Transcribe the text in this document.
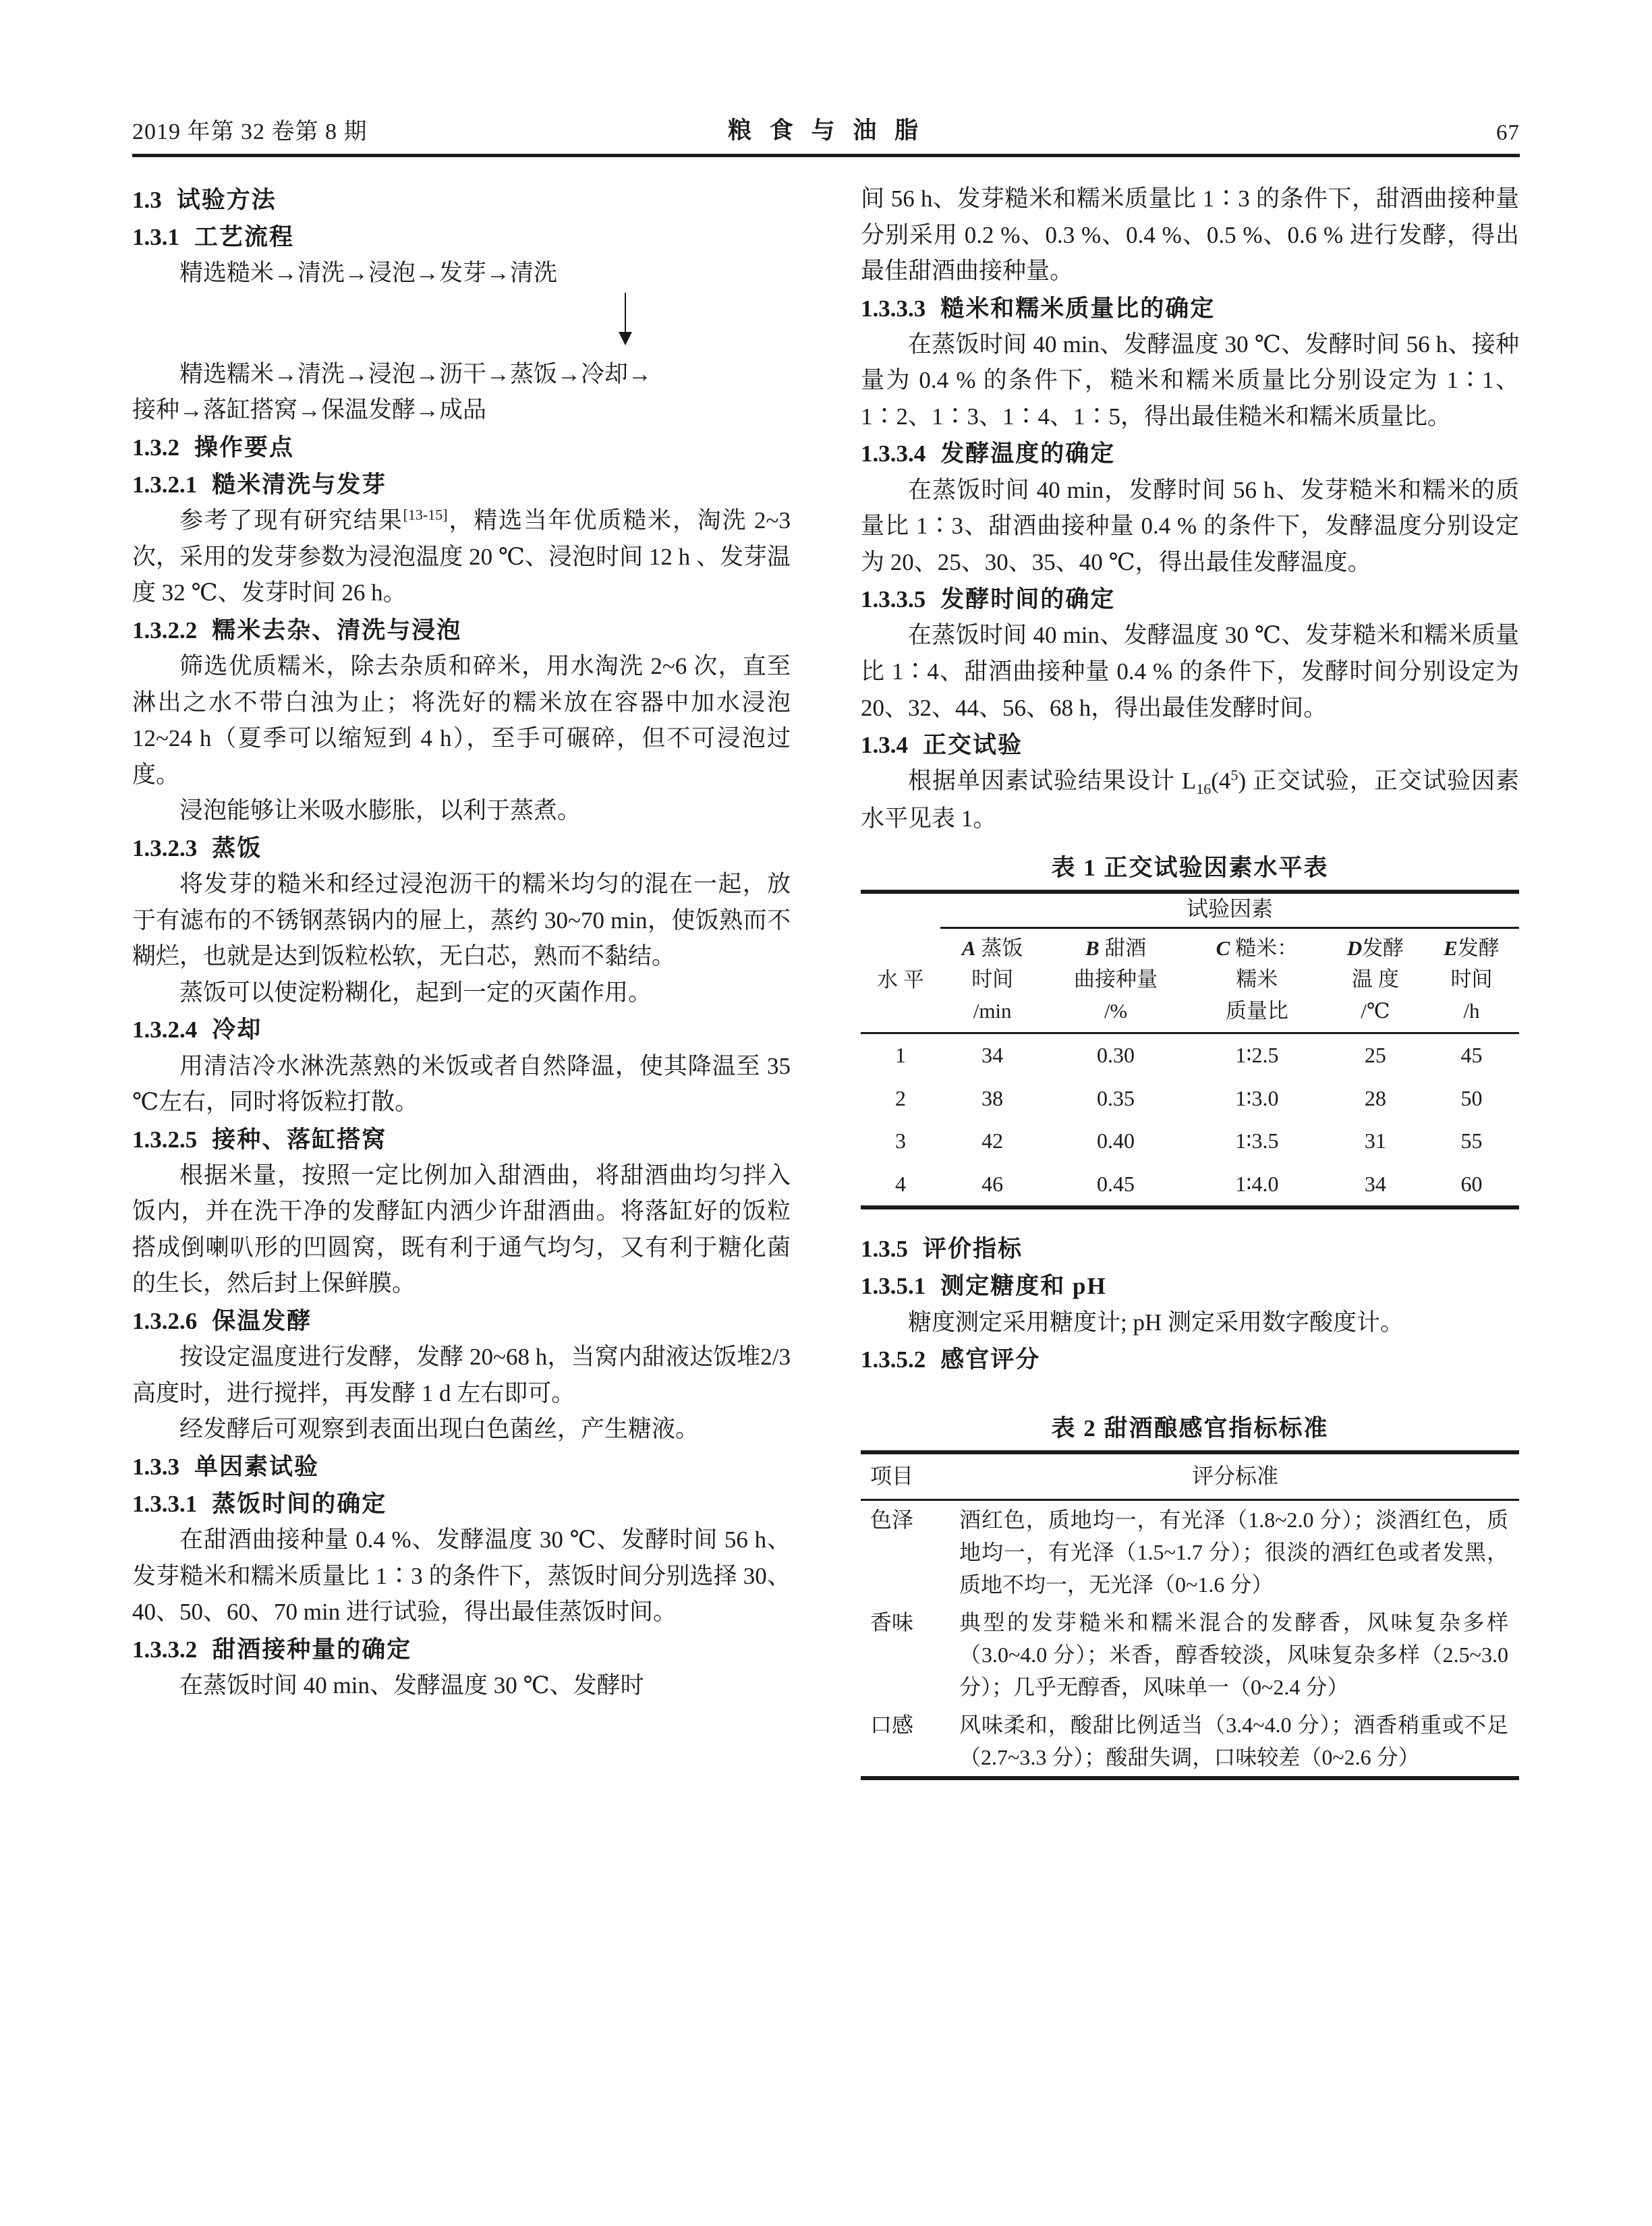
2019 年第 32 卷第 8 期	粮 食 与 油 脂	67
1.3 试验方法
1.3.1 工艺流程
精选糙米→清洗→浸泡→发芽→清洗
精选糯米→清洗→浸泡→沥干→蒸饭→冷却→
接种→落缸搭窝→保温发酵→成品
1.3.2 操作要点
1.3.2.1 糙米清洗与发芽
参考了现有研究结果[13-15]，精选当年优质糙米，淘洗 2~3 次，采用的发芽参数为浸泡温度 20 ℃、浸泡时间 12 h 、发芽温度 32 ℃、发芽时间 26 h。
1.3.2.2 糯米去杂、清洗与浸泡
筛选优质糯米，除去杂质和碎米，用水淘洗 2~6 次，直至淋出之水不带白浊为止；将洗好的糯米放在容器中加水浸泡 12~24 h（夏季可以缩短到 4 h），至手可碾碎，但不可浸泡过度。
浸泡能够让米吸水膨胀，以利于蒸煮。
1.3.2.3 蒸饭
将发芽的糙米和经过浸泡沥干的糯米均匀的混在一起，放于有滤布的不锈钢蒸锅内的屉上，蒸约 30~70 min，使饭熟而不糊烂，也就是达到饭粒松软，无白芯，熟而不黏结。
蒸饭可以使淀粉糊化，起到一定的灭菌作用。
1.3.2.4 冷却
用清洁冷水淋洗蒸熟的米饭或者自然降温，使其降温至 35 ℃左右，同时将饭粒打散。
1.3.2.5 接种、落缸搭窝
根据米量，按照一定比例加入甜酒曲，将甜酒曲均匀拌入饭内，并在洗干净的发酵缸内洒少许甜酒曲。将落缸好的饭粒搭成倒喇叭形的凹圆窝，既有利于通气均匀，又有利于糖化菌的生长，然后封上保鲜膜。
1.3.2.6 保温发酵
按设定温度进行发酵，发酵 20~68 h，当窝内甜液达饭堆2/3 高度时，进行搅拌，再发酵 1 d 左右即可。
经发酵后可观察到表面出现白色菌丝，产生糖液。
1.3.3 单因素试验
1.3.3.1 蒸饭时间的确定
在甜酒曲接种量 0.4 %、发酵温度 30 ℃、发酵时间 56 h、发芽糙米和糯米质量比 1∶3 的条件下，蒸饭时间分别选择 30、40、50、60、70 min 进行试验，得出最佳蒸饭时间。
1.3.3.2 甜酒接种量的确定
在蒸饭时间 40 min、发酵温度 30 ℃、发酵时
间 56 h、发芽糙米和糯米质量比 1∶3 的条件下，甜酒曲接种量分别采用 0.2 %、0.3 %、0.4 %、0.5 %、0.6 % 进行发酵，得出最佳甜酒曲接种量。
1.3.3.3 糙米和糯米质量比的确定
在蒸饭时间 40 min、发酵温度 30 ℃、发酵时间 56 h、接种量为 0.4 % 的条件下，糙米和糯米质量比分别设定为 1∶1、1∶2、1∶3、1∶4、1∶5，得出最佳糙米和糯米质量比。
1.3.3.4 发酵温度的确定
在蒸饭时间 40 min，发酵时间 56 h、发芽糙米和糯米的质量比 1∶3、甜酒曲接种量 0.4 % 的条件下，发酵温度分别设定为 20、25、30、35、40 ℃，得出最佳发酵温度。
1.3.3.5 发酵时间的确定
在蒸饭时间 40 min、发酵温度 30 ℃、发芽糙米和糯米质量比 1∶4、甜酒曲接种量 0.4 % 的条件下，发酵时间分别设定为 20、32、44、56、68 h，得出最佳发酵时间。
1.3.4 正交试验
根据单因素试验结果设计 $L_{16}(4^5)$ 正交试验，正交试验因素水平见表 1。
表 1 正交试验因素水平表

	试验因素				
水 平	A 蒸饭
时间
/min	B 甜酒
曲接种量
/%	C 糙米：
糯米
质量比	D发酵
温 度
/℃	E发酵
时间
/h

1	34	0.30	1∶2.5	25	45
2	38	0.35	1∶3.0	28	50
3	42	0.40	1∶3.5	31	55
4	46	0.45	1∶4.0	34	60

1.3.5 评价指标
1.3.5.1 测定糖度和 pH
糖度测定采用糖度计; pH 测定采用数字酸度计。
1.3.5.2 感官评分
表 2 甜酒酿感官指标标准

项目	评分标准

色泽	酒红色，质地均一，有光泽（1.8~2.0 分）；淡酒红色，质地均一，有光泽（1.5~1.7 分）；很淡的酒红色或者发黑，质地不均一，无光泽（0~1.6 分）
香味	典型的发芽糙米和糯米混合的发酵香，风味复杂多样（3.0~4.0 分）；米香，醇香较淡，风味复杂多样（2.5~3.0 分）；几乎无醇香，风味单一（0~2.4 分）
口感	风味柔和，酸甜比例适当（3.4~4.0 分）；酒香稍重或不足（2.7~3.3 分）；酸甜失调，口味较差（0~2.6 分）
